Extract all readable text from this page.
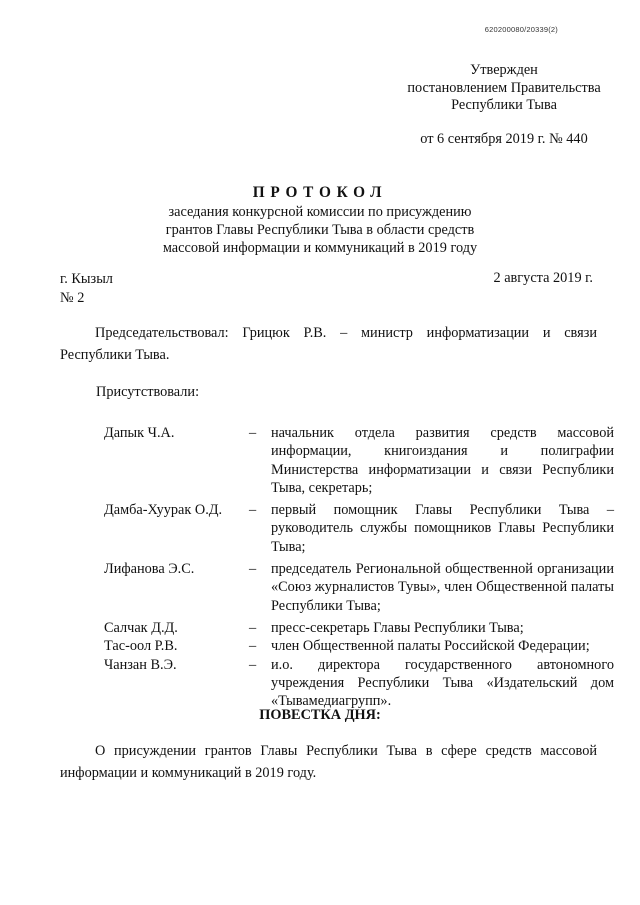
620200080/20339(2)
Утвержден
постановлением Правительства
Республики Тыва
от 6 сентября 2019 г. № 440
ПРОТОКОЛ
заседания конкурсной комиссии по присуждению
грантов Главы Республики Тыва в области средств
массовой информации и коммуникаций в 2019 году
г. Кызыл
№ 2
2 августа 2019 г.
Председательствовал: Грицюк Р.В. – министр информатизации и связи Республики Тыва.
Присутствовали:
Дапык Ч.А.	–	начальник отдела развития средств массовой информации, книгоиздания и полиграфии Министерства информатизации и связи Республики Тыва, секретарь;
Дамба-Хуурак О.Д.	–	первый помощник Главы Республики Тыва – руководитель службы помощников Главы Республики Тыва;
Лифанова Э.С.	–	председатель Региональной общественной организации «Союз журналистов Тувы», член Общественной палаты Республики Тыва;
Салчак Д.Д.	–	пресс-секретарь Главы Республики Тыва;
Тас-оол Р.В.	–	член Общественной палаты Российской Федерации;
Чанзан В.Э.	–	и.о. директора государственного автономного учреждения Республики Тыва «Издательский дом «Тывамедиагрупп».
ПОВЕСТКА ДНЯ:
О присуждении грантов Главы Республики Тыва в сфере средств массовой информации и коммуникаций в 2019 году.
